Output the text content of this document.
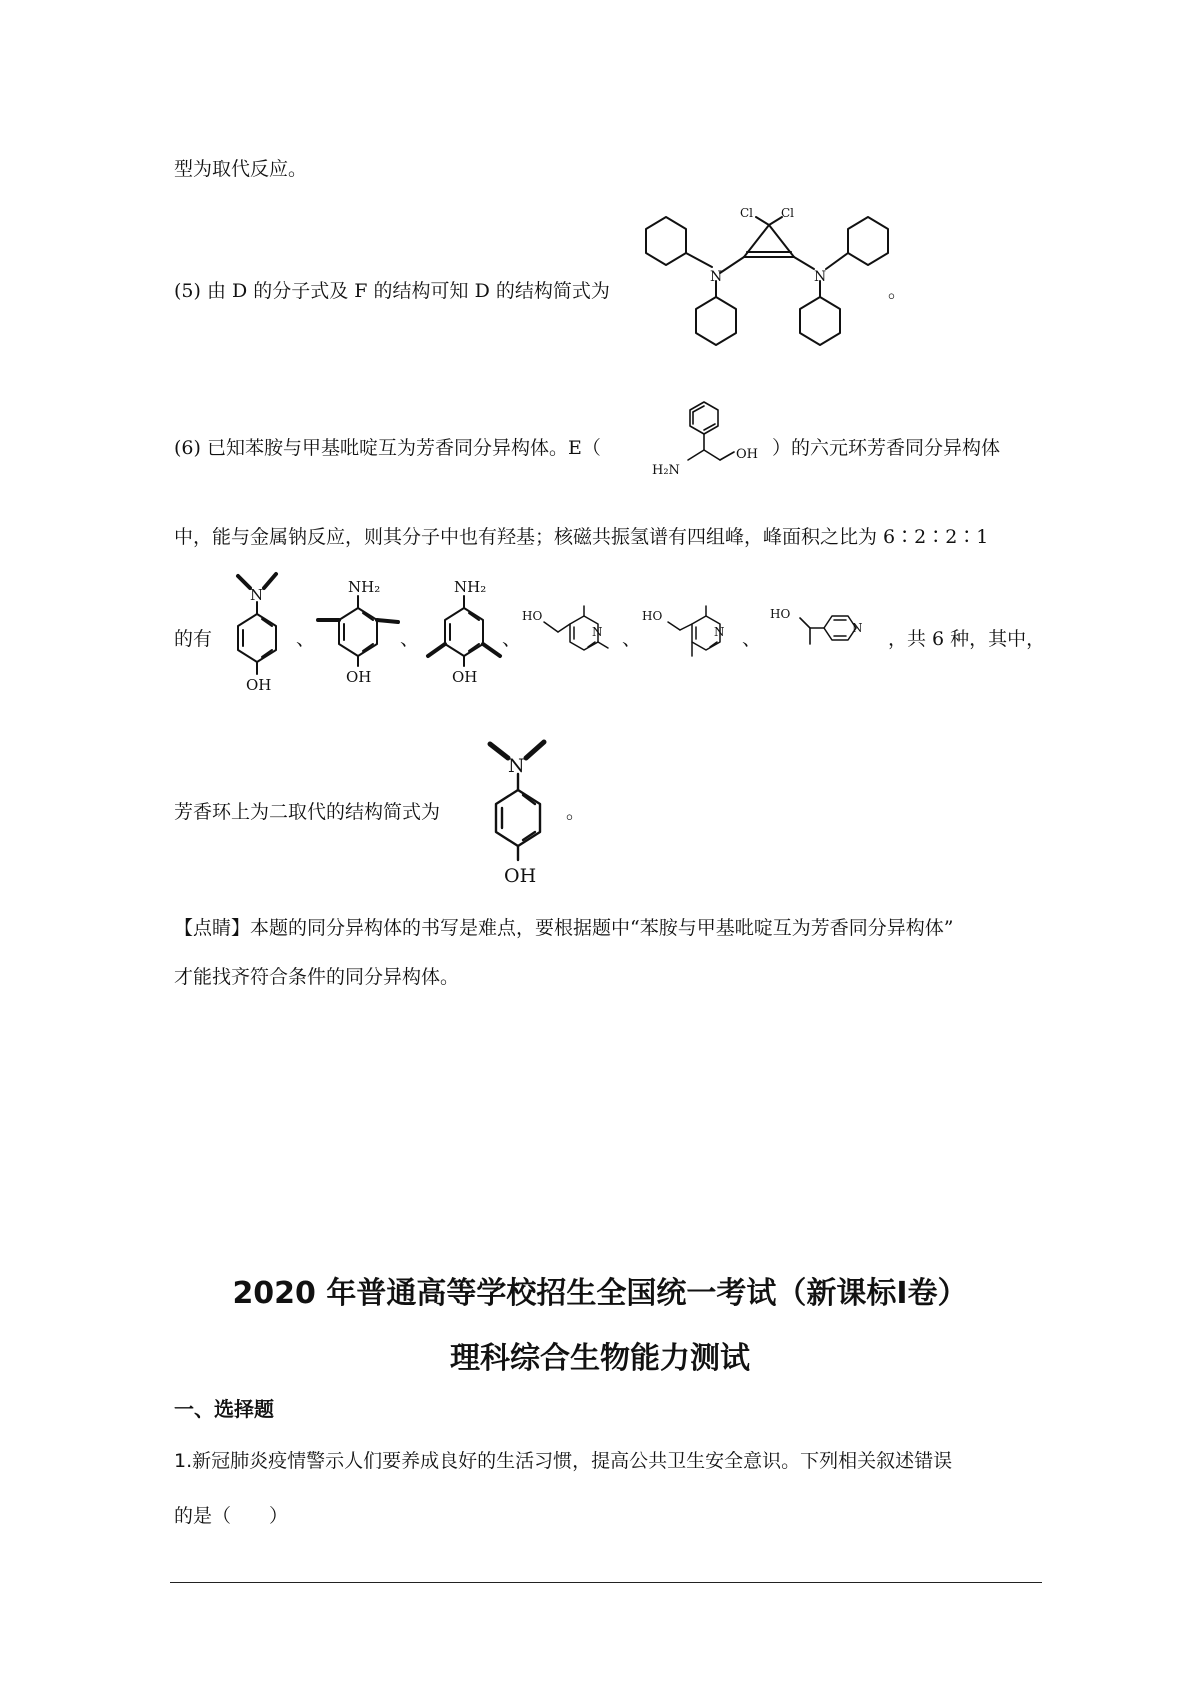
型为取代反应。
(5) 由 D 的分子式及 F 的结构可知 D 的结构简式为	。
Cl Cl
N	N
(6) 已知苯胺与甲基吡啶互为芳香同分异构体。E（	）的六元环芳香同分异构体
H₂N
OH
中，能与金属钠反应，则其分子中也有羟基；核磁共振氢谱有四组峰，峰面积之比为 6∶2∶2∶1
的有
N
OH
、
NH₂
OH
、
NH₂
OH
、
HO
N 、
HO
N 、
HO
N ，共 6 种，其中，
芳香环上为二取代的结构简式为
N
OH
。
【点睛】本题的同分异构体的书写是难点，要根据题中“苯胺与甲基吡啶互为芳香同分异构体”
才能找齐符合条件的同分异构体。
2020 年普通高等学校招生全国统一考试（新课标Ⅰ卷）
理科综合生物能力测试
一、选择题
1.新冠肺炎疫情警示人们要养成良好的生活习惯，提高公共卫生安全意识。下列相关叙述错误
的是（　　）
